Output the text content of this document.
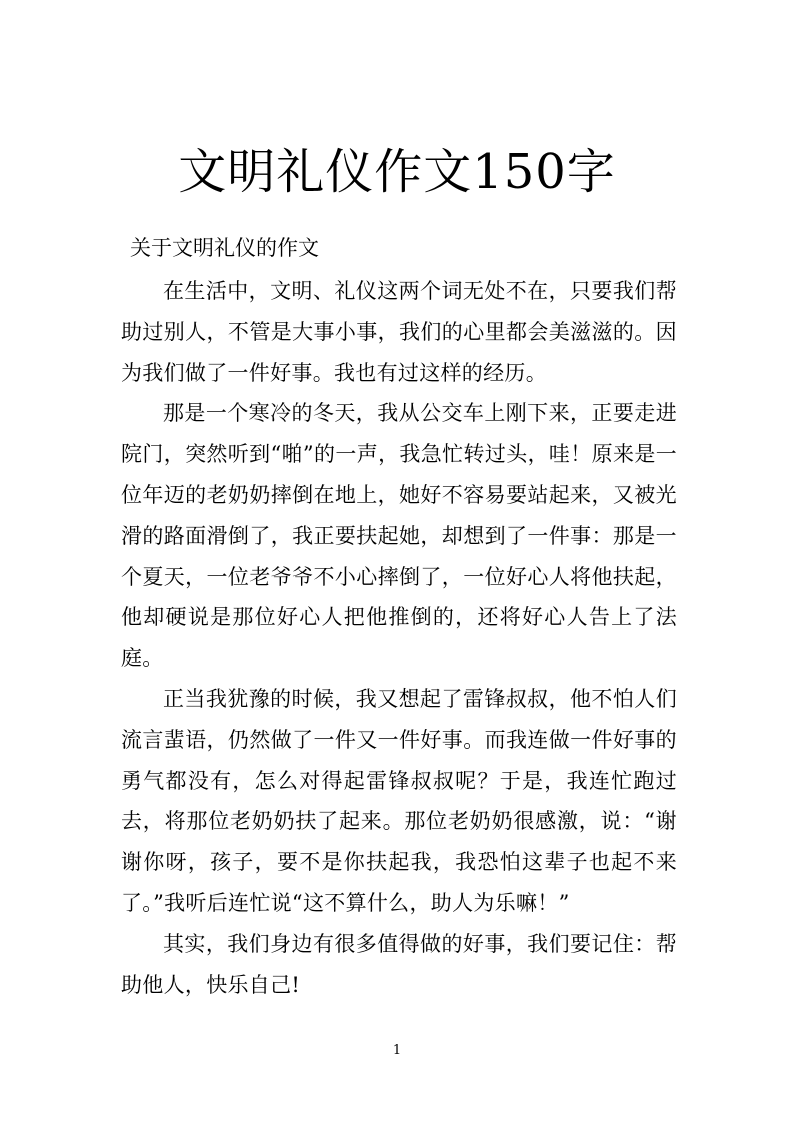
文明礼仪作文150字
关于文明礼仪的作文

在生活中，文明、礼仪这两个词无处不在，只要我们帮助过别人，不管是大事小事，我们的心里都会美滋滋的。因为我们做了一件好事。我也有过这样的经历。

那是一个寒冷的冬天，我从公交车上刚下来，正要走进院门，突然听到“啪”的一声，我急忙转过头，哇！原来是一位年迈的老奶奶摔倒在地上，她好不容易要站起来，又被光滑的路面滑倒了，我正要扶起她，却想到了一件事：那是一个夏天，一位老爷爷不小心摔倒了，一位好心人将他扶起，他却硬说是那位好心人把他推倒的，还将好心人告上了法庭。

正当我犹豫的时候，我又想起了雷锋叔叔，他不怕人们流言蜚语，仍然做了一件又一件好事。而我连做一件好事的勇气都没有，怎么对得起雷锋叔叔呢？于是，我连忙跑过去，将那位老奶奶扶了起来。那位老奶奶很感激，说：“谢谢你呀，孩子，要不是你扶起我，我恐怕这辈子也起不来了。”我听后连忙说“这不算什么，助人为乐嘛！”

其实，我们身边有很多值得做的好事，我们要记住：帮助他人，快乐自己!

1
